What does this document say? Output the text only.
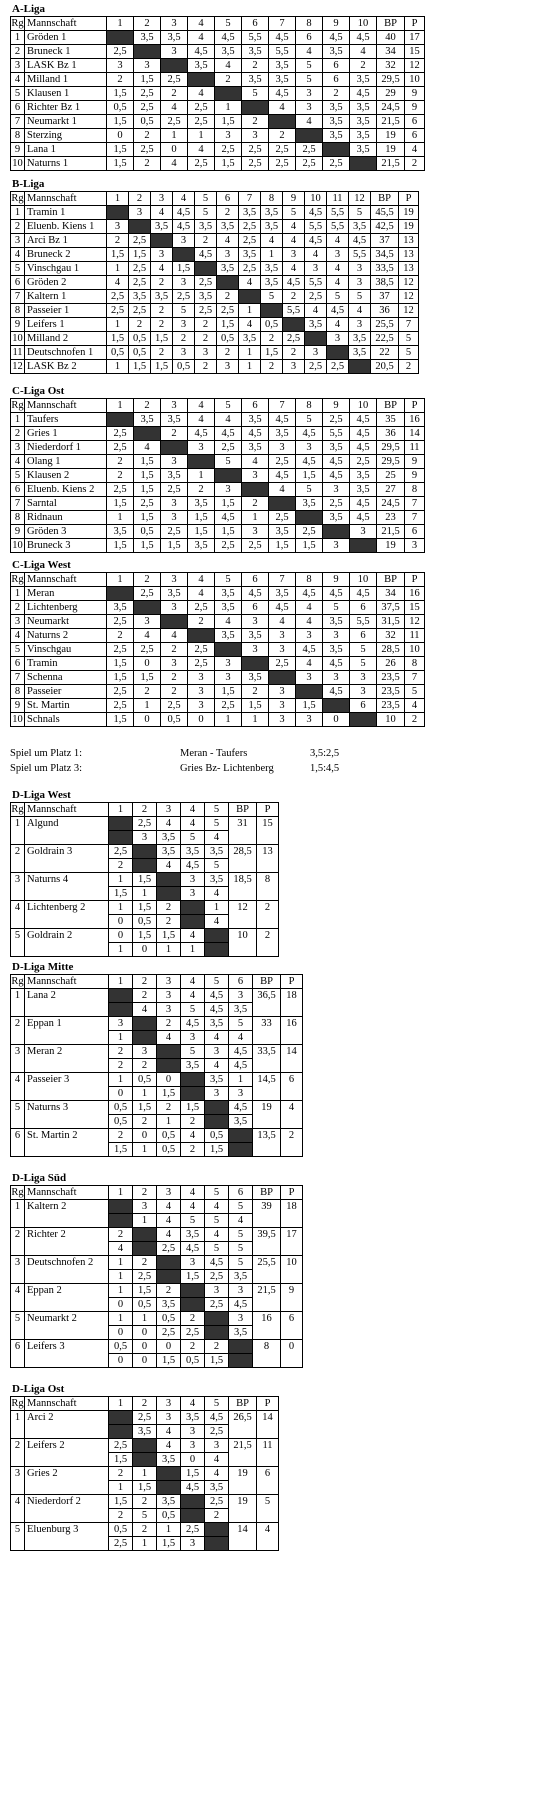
A-Liga
Rg	Mannschaft	1	2	3	4	5	6	7	8	9	10	BP	P
1	Gröden 1		3,5	3,5	4	4,5	5,5	4,5	6	4,5	4,5	40	17
2	Bruneck 1	2,5		3	4,5	3,5	3,5	5,5	4	3,5	4	34	15
3	LASK Bz 1	3	3		3,5	4	2	3,5	5	6	2	32	12
4	Milland 1	2	1,5	2,5		2	3,5	3,5	5	6	3,5	29,5	10
5	Klausen 1	1,5	2,5	2	4		5	4,5	3	2	4,5	29	9
6	Richter Bz 1	0,5	2,5	4	2,5	1		4	3	3,5	3,5	24,5	9
7	Neumarkt 1	1,5	0,5	2,5	2,5	1,5	2		4	3,5	3,5	21,5	6
8	Sterzing	0	2	1	1	3	3	2		3,5	3,5	19	6
9	Lana 1	1,5	2,5	0	4	2,5	2,5	2,5	2,5		3,5	19	4
10	Naturns 1	1,5	2	4	2,5	1,5	2,5	2,5	2,5	2,5		21,5	2
B-Liga
Rg	Mannschaft	1	2	3	4	5	6	7	8	9	10	11	12	BP	P
1	Tramin 1		3	4	4,5	5	2	3,5	3,5	5	4,5	5,5	5	45,5	19
2	Eluenb. Kiens 1	3		3,5	4,5	3,5	3,5	2,5	3,5	4	5,5	5,5	3,5	42,5	19
3	Arci Bz 1	2	2,5		3	2	4	2,5	4	4	4,5	4	4,5	37	13
4	Bruneck 2	1,5	1,5	3		4,5	3	3,5	1	3	4	3	5,5	34,5	13
5	Vinschgau 1	1	2,5	4	1,5		3,5	2,5	3,5	4	3	4	3	33,5	13
6	Gröden 2	4	2,5	2	3	2,5		4	3,5	4,5	5,5	4	3	38,5	12
7	Kaltern 1	2,5	3,5	3,5	2,5	3,5	2		5	2	2,5	5	5	37	12
8	Passeier 1	2,5	2,5	2	5	2,5	2,5	1		5,5	4	4,5	4	36	12
9	Leifers 1	1	2	2	3	2	1,5	4	0,5		3,5	4	3	25,5	7
10	Milland 2	1,5	0,5	1,5	2	2	0,5	3,5	2	2,5		3	3,5	22,5	5
11	Deutschnofen 1	0,5	0,5	2	3	3	2	1	1,5	2	3		3,5	22	5
12	LASK Bz 2	1	1,5	1,5	0,5	2	3	1	2	3	2,5	2,5		20,5	2
C-Liga Ost
Rg	Mannschaft	1	2	3	4	5	6	7	8	9	10	BP	P
1	Taufers		3,5	3,5	4	4	3,5	4,5	5	2,5	4,5	35	16
2	Gries 1	2,5		2	4,5	4,5	4,5	3,5	4,5	5,5	4,5	36	14
3	Niederdorf 1	2,5	4		3	2,5	3,5	3	3	3,5	4,5	29,5	11
4	Olang 1	2	1,5	3		5	4	2,5	4,5	4,5	2,5	29,5	9
5	Klausen 2	2	1,5	3,5	1		3	4,5	1,5	4,5	3,5	25	9
6	Eluenb. Kiens 2	2,5	1,5	2,5	2	3		4	5	3	3,5	27	8
7	Sarntal	1,5	2,5	3	3,5	1,5	2		3,5	2,5	4,5	24,5	7
8	Ridnaun	1	1,5	3	1,5	4,5	1	2,5		3,5	4,5	23	7
9	Gröden 3	3,5	0,5	2,5	1,5	1,5	3	3,5	2,5		3	21,5	6
10	Bruneck 3	1,5	1,5	1,5	3,5	2,5	2,5	1,5	1,5	3		19	3
C-Liga West
Rg	Mannschaft	1	2	3	4	5	6	7	8	9	10	BP	P
1	Meran		2,5	3,5	4	3,5	4,5	3,5	4,5	4,5	4,5	34	16
2	Lichtenberg	3,5		3	2,5	3,5	6	4,5	4	5	6	37,5	15
3	Neumarkt	2,5	3		2	4	3	4	4	3,5	5,5	31,5	12
4	Naturns 2	2	4	4		3,5	3,5	3	3	3	6	32	11
5	Vinschgau	2,5	2,5	2	2,5		3	3	4,5	3,5	5	28,5	10
6	Tramin	1,5	0	3	2,5	3		2,5	4	4,5	5	26	8
7	Schenna	1,5	1,5	2	3	3	3,5		3	3	3	23,5	7
8	Passeier	2,5	2	2	3	1,5	2	3		4,5	3	23,5	5
9	St. Martin	2,5	1	2,5	3	2,5	1,5	3	1,5		6	23,5	4
10	Schnals	1,5	0	0,5	0	1	1	3	3	0		10	2
Spiel um Platz 1:	Meran - Taufers	3,5:2,5
Spiel um Platz 3:	Gries Bz- Lichtenberg	1,5:4,5
D-Liga West
Rg	Mannschaft	1	2	3	4	5	BP	P
1	Algund		2,5	4	4	5	31	15
			3	3,5	5	4		
2	Goldrain 3	2,5		3,5	3,5	3,5	28,5	13
		2		4	4,5	5		
3	Naturns 4	1	1,5		3	3,5	18,5	8
		1,5	1		3	4		
4	Lichtenberg 2	1	1,5	2		1	12	2
		0	0,5	2		4		
5	Goldrain 2	0	1,5	1,5	4		10	2
		1	0	1	1			
D-Liga Mitte
Rg	Mannschaft	1	2	3	4	5	6	BP	P
1	Lana 2		2	3	4	4,5	3	36,5	18
			4	3	5	4,5	3,5		
2	Eppan 1	3		2	4,5	3,5	5	33	16
		1		4	3	4	4		
3	Meran 2	2	3		5	3	4,5	33,5	14
		2	2		3,5	4	4,5		
4	Passeier 3	1	0,5	0		3,5	1	14,5	6
		0	1	1,5		3	3		
5	Naturns 3	0,5	1,5	2	1,5		4,5	19	4
		0,5	2	1	2		3,5		
6	St. Martin 2	2	0	0,5	4	0,5		13,5	2
		1,5	1	0,5	2	1,5			
D-Liga Süd
Rg	Mannschaft	1	2	3	4	5	6	BP	P
1	Kaltern 2		3	4	4	4	5	39	18
			1	4	5	5	4		
2	Richter 2	2		4	3,5	4	5	39,5	17
		4		2,5	4,5	5	5		
3	Deutschnofen 2	1	2		3	4,5	5	25,5	10
		1	2,5		1,5	2,5	3,5		
4	Eppan 2	1	1,5	2		3	3	21,5	9
		0	0,5	3,5		2,5	4,5		
5	Neumarkt 2	1	1	0,5	2		3	16	6
		0	0	2,5	2,5		3,5		
6	Leifers 3	0,5	0	0	2	2		8	0
		0	0	1,5	0,5	1,5			
D-Liga Ost
Rg	Mannschaft	1	2	3	4	5	BP	P
1	Arci 2		2,5	3	3,5	4,5	26,5	14
			3,5	4	3	2,5		
2	Leifers 2	2,5		4	3	3	21,5	11
		1,5		3,5	0	4		
3	Gries 2	2	1		1,5	4	19	6
		1	1,5		4,5	3,5		
4	Niederdorf 2	1,5	2	3,5		2,5	19	5
		2	5	0,5		2		
5	Eluenburg 3	0,5	2	1	2,5		14	4
		2,5	1	1,5	3			
